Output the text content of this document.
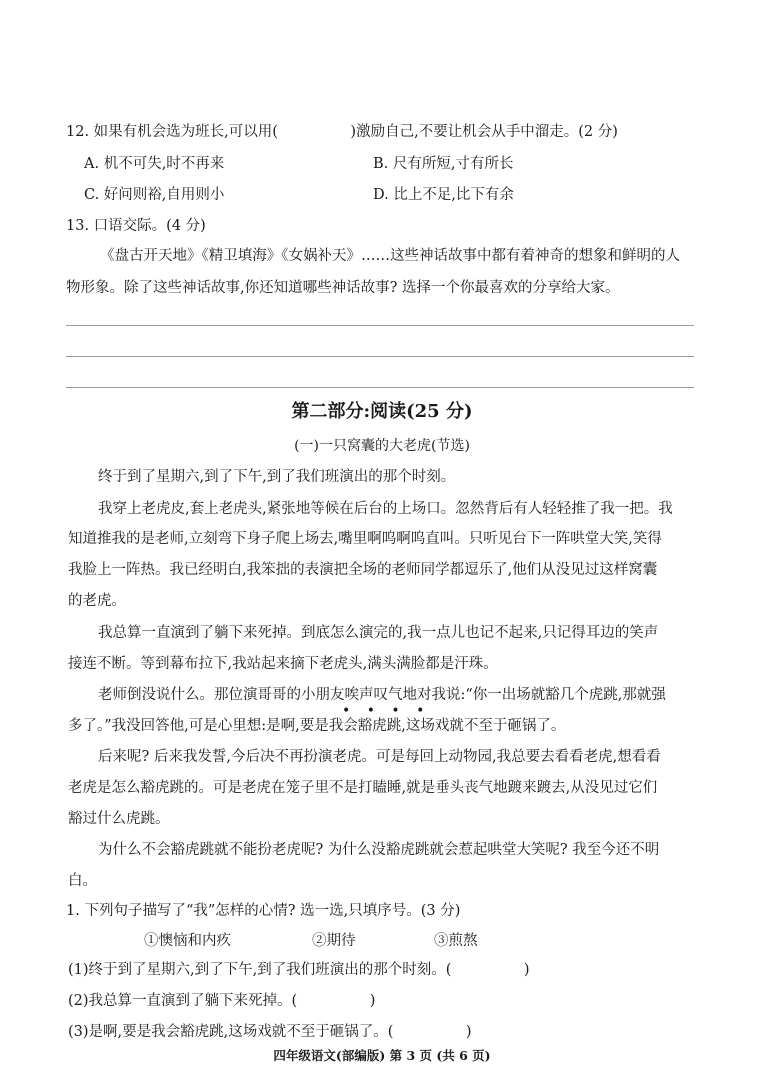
12. 如果有机会选为班长,可以用(　　　　　)激励自己,不要让机会从手中溜走。(2 分)
A. 机不可失,时不再来	B. 尺有所短,寸有所长
C. 好问则裕,自用则小	D. 比上不足,比下有余
13. 口语交际。(4 分)
《盘古开天地》《精卫填海》《女娲补天》……这些神话故事中都有着神奇的想象和鲜明的人
物形象。除了这些神话故事,你还知道哪些神话故事? 选择一个你最喜欢的分享给大家。
第二部分:阅读(25 分)
(一)一只窝囊的大老虎(节选)
终于到了星期六,到了下午,到了我们班演出的那个时刻。
我穿上老虎皮,套上老虎头,紧张地等候在后台的上场口。忽然背后有人轻轻推了我一把。我
知道推我的是老师,立刻弯下身子爬上场去,嘴里啊呜啊呜直叫。只听见台下一阵哄堂大笑,笑得
我脸上一阵热。我已经明白,我笨拙的表演把全场的老师同学都逗乐了,他们从没见过这样窝囊
的老虎。
我总算一直演到了躺下来死掉。到底怎么演完的,我一点儿也记不起来,只记得耳边的笑声
接连不断。等到幕布拉下,我站起来摘下老虎头,满头满脸都是汗珠。
老师倒没说什么。那位演哥哥的小朋友唉声叹气地对我说:“你一出场就豁几个虎跳,那就强
• • • •
多了。”我没回答他,可是心里想:是啊,要是我会豁虎跳,这场戏就不至于砸锅了。
后来呢? 后来我发誓,今后决不再扮演老虎。可是每回上动物园,我总要去看看老虎,想看看
老虎是怎么豁虎跳的。可是老虎在笼子里不是打瞌睡,就是垂头丧气地踱来踱去,从没见过它们
豁过什么虎跳。
为什么不会豁虎跳就不能扮老虎呢? 为什么没豁虎跳就会惹起哄堂大笑呢? 我至今还不明
白。
1. 下列句子描写了“我”怎样的心情? 选一选,只填序号。(3 分)
①懊恼和内疚	②期待	③煎熬
(1)终于到了星期六,到了下午,到了我们班演出的那个时刻。(　　　　　)
(2)我总算一直演到了躺下来死掉。(　　　　　)
(3)是啊,要是我会豁虎跳,这场戏就不至于砸锅了。(　　　　　)
四年级语文(部编版) 第 3 页 (共 6 页)
